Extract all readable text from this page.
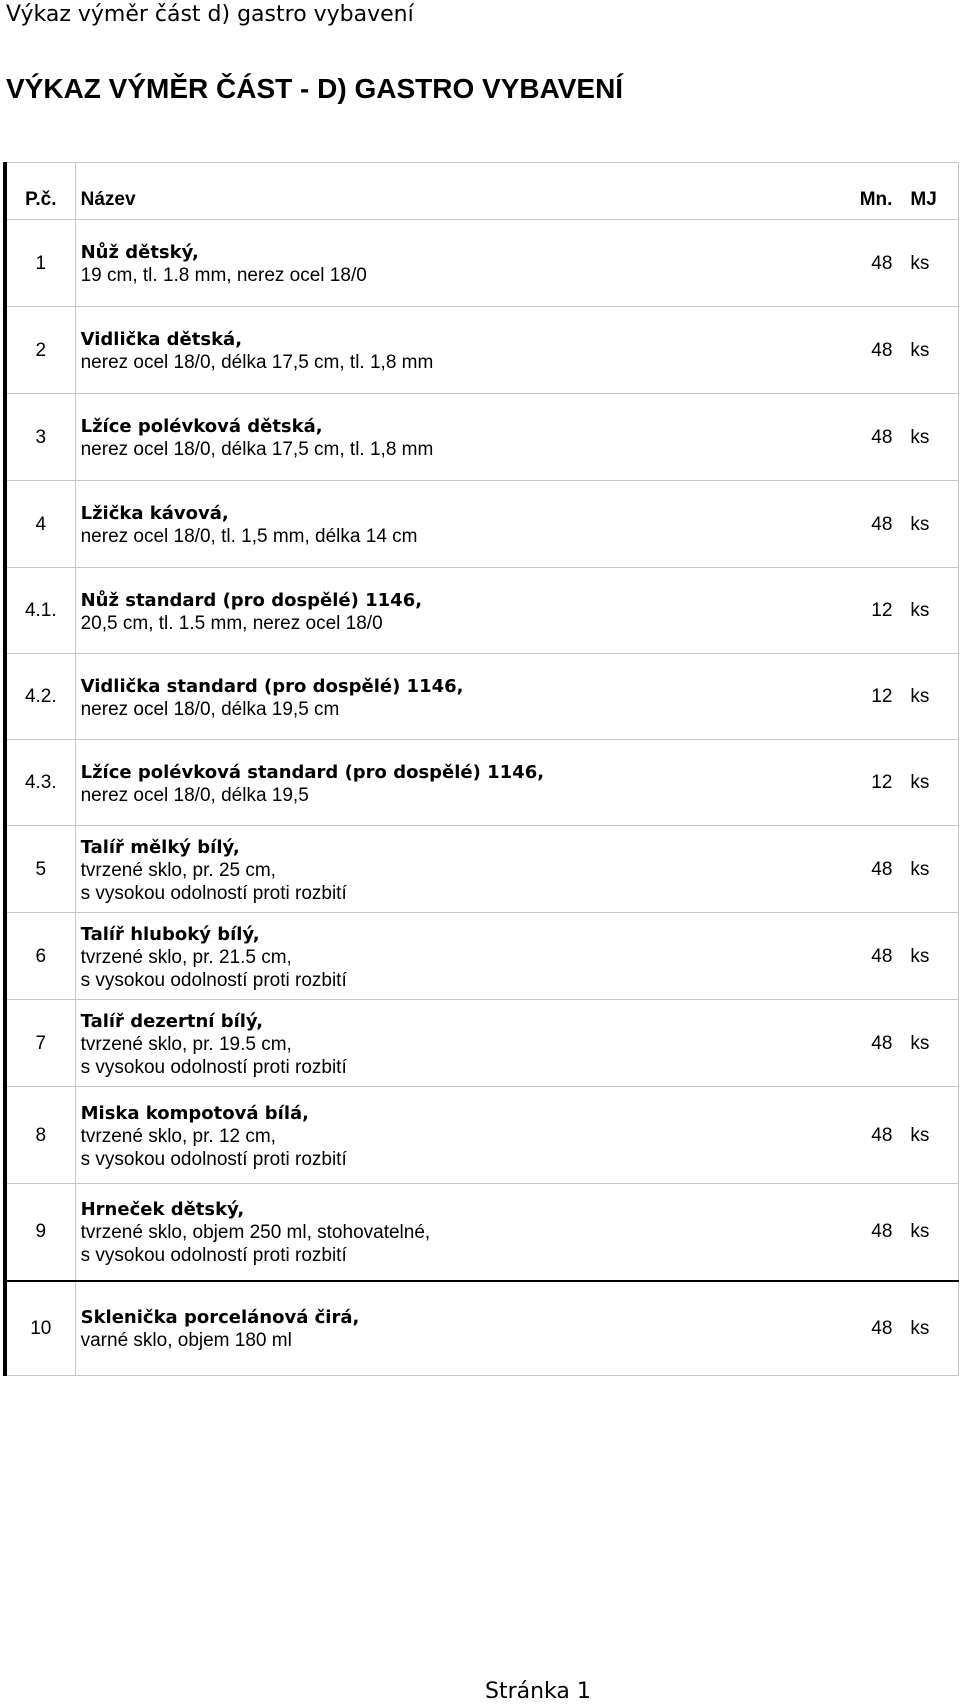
Výkaz výměr část d) gastro vybavení
VÝKAZ VÝMĚR ČÁST - D) GASTRO VYBAVENÍ
P.č.	Název	Mn.	MJ
1	Nůž dětský,
19 cm, tl. 1.8 mm, nerez ocel 18/0	48	ks
2	Vidlička dětská,
nerez ocel 18/0, délka 17,5 cm, tl. 1,8 mm	48	ks
3	Lžíce polévková dětská,
nerez ocel 18/0, délka 17,5 cm, tl. 1,8 mm	48	ks
4	Lžička kávová,
nerez ocel 18/0, tl. 1,5 mm, délka 14 cm	48	ks
4.1.	Nůž standard (pro dospělé) 1146,
20,5 cm, tl. 1.5 mm, nerez ocel 18/0	12	ks
4.2.	Vidlička standard (pro dospělé) 1146,
nerez ocel 18/0, délka 19,5 cm	12	ks
4.3.	Lžíce polévková standard (pro dospělé) 1146,
nerez ocel 18/0, délka 19,5	12	ks
5	Talíř mělký bílý,
tvrzené sklo, pr. 25 cm,
s vysokou odolností proti rozbití	48	ks
6	Talíř hluboký bílý,
tvrzené sklo, pr. 21.5 cm,
s vysokou odolností proti rozbití	48	ks
7	Talíř dezertní bílý,
tvrzené sklo, pr. 19.5 cm,
s vysokou odolností proti rozbití	48	ks
8	Miska kompotová bílá,
tvrzené sklo, pr. 12 cm,
s vysokou odolností proti rozbití	48	ks
9	Hrneček dětský,
tvrzené sklo, objem 250 ml, stohovatelné,
s vysokou odolností proti rozbití	48	ks
10	Sklenička porcelánová čirá,
varné sklo, objem 180 ml	48	ks
Stránka 1
